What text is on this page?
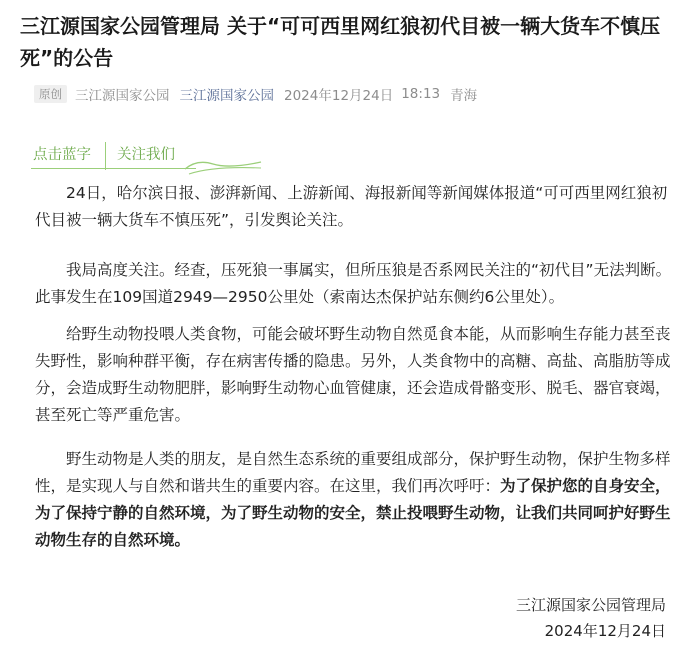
三江源国家公园管理局 关于“可可西里网红狼初代目被一辆大货车不慎压死”的公告
原创 三江源国家公园 三江源国家公园 2024年12月24日 18:13 青海
点击蓝字 关注我们

24日，哈尔滨日报、澎湃新闻、上游新闻、海报新闻等新闻媒体报道“可可西里网红狼初代目被一辆大货车不慎压死”，引发舆论关注。

我局高度关注。经查，压死狼一事属实，但所压狼是否系网民关注的“初代目”无法判断。此事发生在109国道2949—2950公里处（索南达杰保护站东侧约6公里处）。

给野生动物投喂人类食物，可能会破坏野生动物自然觅食本能，从而影响生存能力甚至丧失野性，影响种群平衡，存在病害传播的隐患。另外，人类食物中的高糖、高盐、高脂肪等成分，会造成野生动物肥胖，影响野生动物心血管健康，还会造成骨骼变形、脱毛、器官衰竭，甚至死亡等严重危害。

野生动物是人类的朋友，是自然生态系统的重要组成部分，保护野生动物，保护生物多样性，是实现人与自然和谐共生的重要内容。在这里，我们再次呼吁：为了保护您的自身安全，为了保持宁静的自然环境，为了野生动物的安全，禁止投喂野生动物，让我们共同呵护好野生动物生存的自然环境。

三江源国家公园管理局
2024年12月24日
